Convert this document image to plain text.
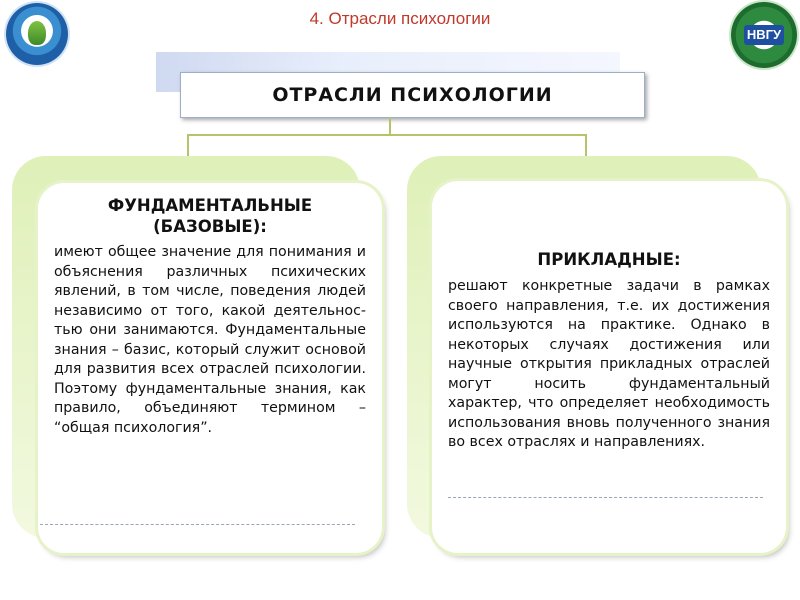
4. Отрасли психологии
НВГУ
ОТРАСЛИ ПСИХОЛОГИИ
ФУНДАМЕНТАЛЬНЫЕ
(БАЗОВЫЕ):
имеют общее значение для понимания и объяснения различных психических явлений, в том числе, поведения людей независимо от того, какой деятельнос-тью они занимаются. Фундаментальные знания – базис, который служит основой для развития всех отраслей психологии. Поэтому фундаментальные знания, как правило, объединяют термином – “общая психология”.
ПРИКЛАДНЫЕ:
решают конкретные задачи в рамках своего направления, т.е. их достижения используются на практике. Однако в некоторых случаях достижения или научные открытия прикладных отраслей могут носить фундаментальный характер, что определяет необходимость использования вновь полученного знания во всех отраслях и направлениях.
